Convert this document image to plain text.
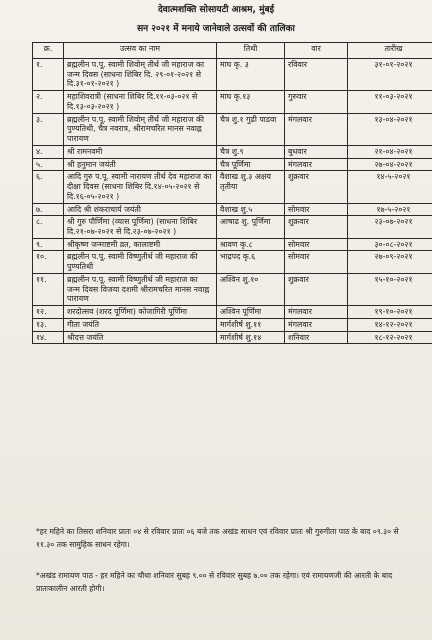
देवात्मशक्ति सोसायटी आश्रम, मुंबई
सन २०२१ में मनाये जानेवाले उत्सवों की तालिका
क्र.	उत्सव का नाम	तिथी	वार	तारीख
१.	ब्रह्मलीन प.पू. स्वामी शिवोम् तीर्थ जी महाराज का जन्म दिवस (साधना शिबिर दि. २९-०१-२०२१ से दि.३१-०१-२०२१ )	माघ कृ. ३	रविवार	३१-०१-२०२१
२.	महाशिवरात्री (साधना शिबिर दि.११-०३-०२१ से दि.१३-०३-२०२१ )	माघ कृ.१३	गुरुवार	११-०३-२०२१
३.	ब्रह्मलीन प.पू. स्वामी शिवोम् तीर्थ जी महाराज की पुण्यतिथी, चैत्र नवरात्र, श्रीरामचरित मानस नवाह्न पारायण	चैत्र शु.१ गुढी पाडवा	मंगलवार	१३-०४-२०२१
४.	श्री रामनवमी	चैत्र शु.९	बुधवार	२१-०४-२०२१
५.	श्री हनुमान जयंती	चैत्र पूर्णिमा	मंगलवार	२७-०४-२०२१
६.	आदि गुरु प.पू. स्वामी नारायण तीर्थ देव महाराज का दीक्षा दिवस (साधना शिबिर दि.१४-०५-२०२१ से दि.१६-०५-२०२१ )	वैशाख शु.३ अक्षय तृतीया	शुक्रवार	१४-५-२०२१
७.	आदि श्री शंकराचार्य जयंती	वैशाख शु.५	सोमवार	१७-५-२०२१
८.	श्री गुरु पौर्णिमा (व्यास पूर्णिमा) (साधना शिबिर दि.२१-०७-२०२१ से दि.२३-०७-२०२१ )	आषाढ शु. पूर्णिमा	शुक्रवार	२३-०७-२०२१
९.	श्रीकृष्ण जन्माष्टमी व्रत, कालाष्टमी	श्रावण कृ.८	सोमवार	३०-०८-२०२१
१०.	ब्रह्मलीन प.पू. स्वामी विष्णुतीर्थ जी महाराज की पुण्यतिथी	भाद्रपद कृ.६	सोमवार	२७-०९-२०२१
११.	ब्रह्मलीन प.पू. स्वामी विष्णुतीर्थ जी महाराज का जन्म दिवस विजया दशमी श्रीरामचरित मानस नवाह्न पारायण	अश्विन शु.१०	शुक्रवार	१५-१०-२०२१
१२.	शरदोत्सव (शरद पूर्णिमा) कोजागिरी पूर्णिमा	अश्विन पूर्णिमा	मंगलवार	१९-१०-२०२१
१३.	गीता जयंति	मार्गशीर्ष शु.११	मंगलवार	१४-१२-२०२१
१४.	श्रीदत्त जयंति	मार्गशीर्ष शु.१४	शनिवार	१८-१२-२०२१
*हर महिने का तिसरा शनिवार प्रातः ०४ से रविवार प्रातः ०६ बजे तक अखंड साधन एवं रविवार प्रातः श्री गुरुगीता पाठ के बाद ०९.३० से ११.३० तक सामुहिक साधन रहेगा।
*अखंड रामायण पाठ - हर महिने का चौथा शनिवार सुबह ९.०० से रविवार सुबह ७.०० तक रहेगा। एवं रामायणजी की आरती के बाद प्रातःकालीन आरती होगी।
